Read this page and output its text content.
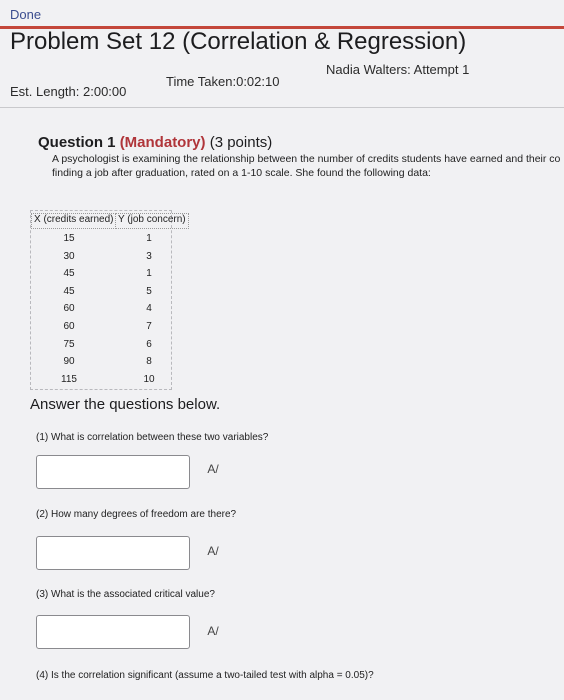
Done
Problem Set 12 (Correlation & Regression)
Nadia Walters: Attempt 1
Time Taken:0:02:10
Est. Length: 2:00:00
Question 1 (Mandatory) (3 points)
A psychologist is examining the relationship between the number of credits students have earned and their co
finding a job after graduation, rated on a 1-10 scale. She found the following data:
X (credits earned) Y (job concern)
15	1
30	3
45	1
45	5
60	4
60	7
75	6
90	8
115	10
Answer the questions below.
(1) What is correlation between these two variables?
A/
(2) How many degrees of freedom are there?
A/
(3) What is the associated critical value?
A/
(4) Is the correlation significant (assume a two-tailed test with alpha = 0.05)?
